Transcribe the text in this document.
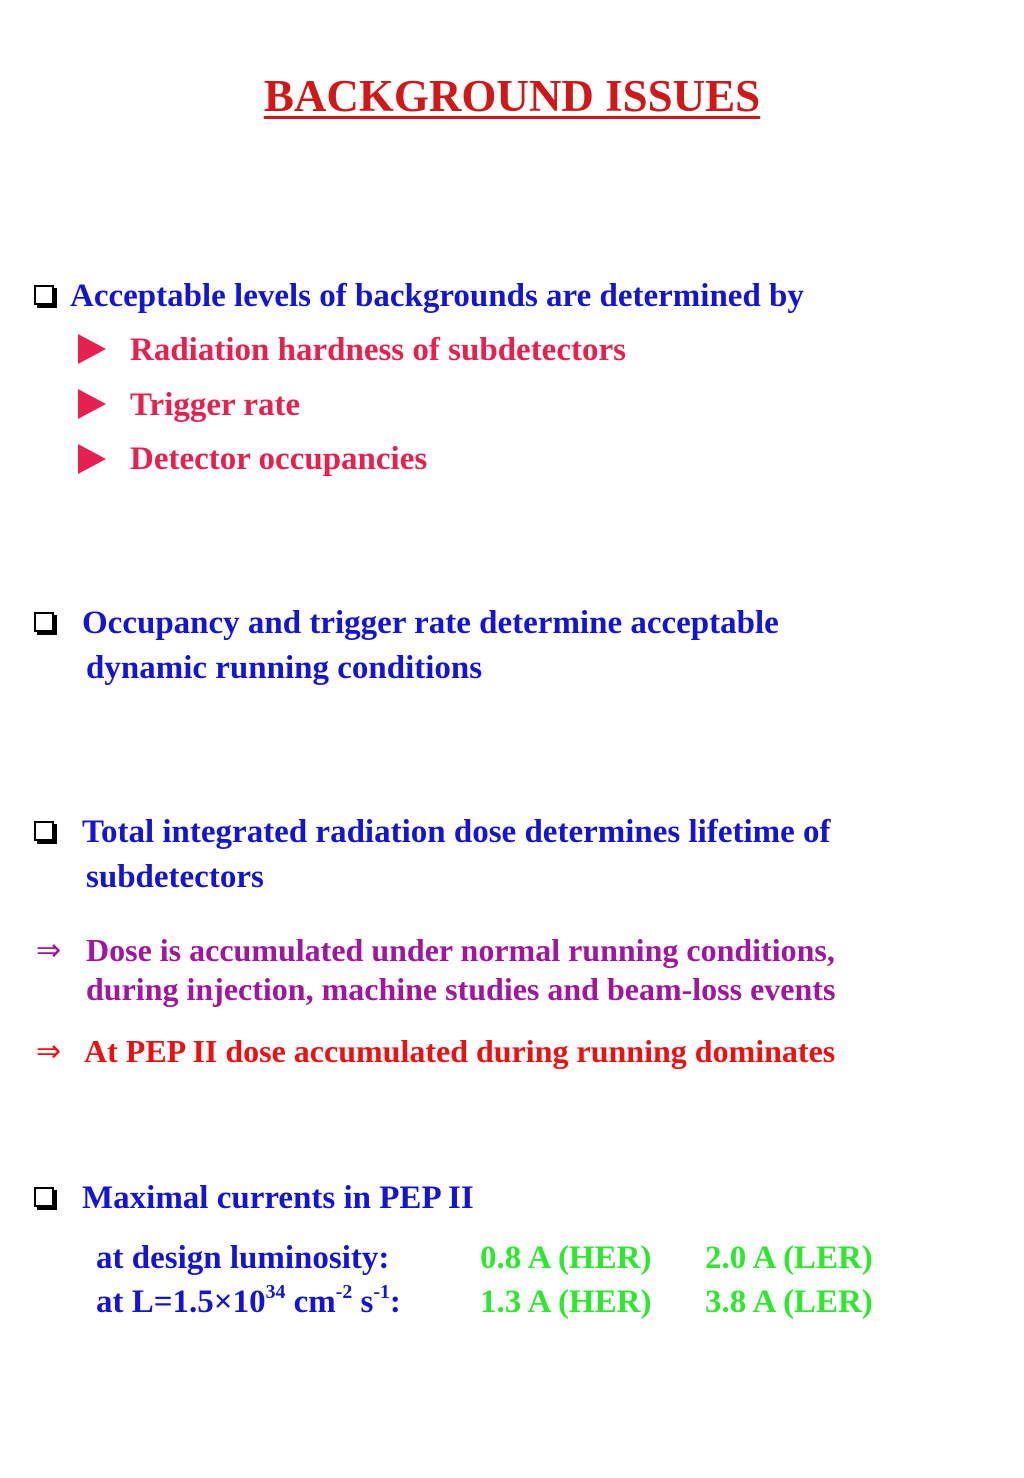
BACKGROUND ISSUES
Acceptable levels of backgrounds are determined by
Radiation hardness of subdetectors
Trigger rate
Detector occupancies
Occupancy and trigger rate determine acceptable
dynamic running conditions
Total integrated radiation dose determines lifetime of
subdetectors
⇒ Dose is accumulated under normal running conditions,
during injection, machine studies and beam-loss events
⇒ At PEP II dose accumulated during running dominates
Maximal currents in PEP II
at design luminosity:	0.8 A (HER) 2.0 A (LER)
at $L=1.5\times 10^{34}$ $cm^{-2}$ $s^{-1}$: 1.3 A (HER) 3.8 A (LER)
